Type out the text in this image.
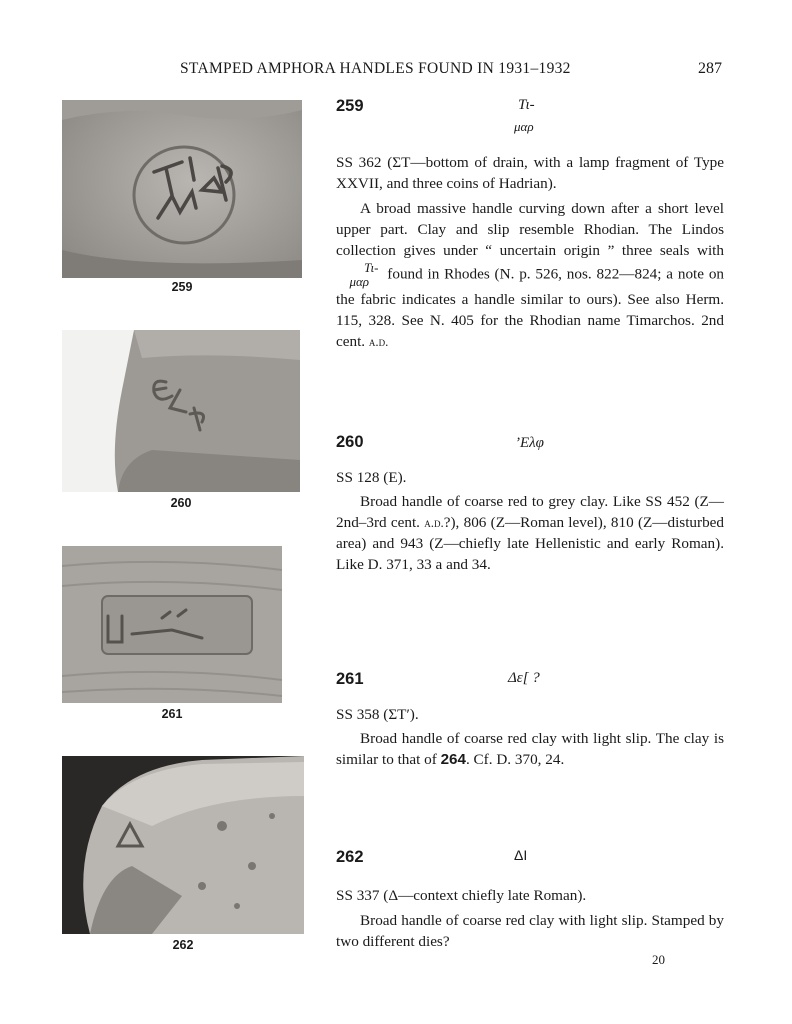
STAMPED AMPHORA HANDLES FOUND IN 1931–1932	287
259
260
261
262
259	Τι-
μαρ
SS 362 (ΣΤ—bottom of drain, with a lamp fragment of Type XXVII, and three coins of Hadrian).
A broad massive handle curving down after a short level upper part. Clay and slip resemble Rhodian. The Lindos collection gives under “ uncertain origin ” three seals with Τι-
μαρ found in Rhodes (N. p. 526, nos. 822—824; a note on the fabric indicates a handle similar to ours). See also Herm. 115, 328. See N. 405 for the Rhodian name Timarchos. 2nd cent. a.d.
260	’Ελφ
SS 128 (E).
Broad handle of coarse red to grey clay. Like SS 452 (Z—2nd–3rd cent. a.d.?), 806 (Z—Roman level), 810 (Z—disturbed area) and 943 (Z—chiefly late Hellenistic and early Roman). Like D. 371, 33 a and 34.
261	Δε[ ?
SS 358 (ΣΤ′).
Broad handle of coarse red clay with light slip. The clay is similar to that of 264. Cf. D. 370, 24.
262	ΔΙ
SS 337 (Δ—context chiefly late Roman).
Broad handle of coarse red clay with light slip. Stamped by two different dies?
20
